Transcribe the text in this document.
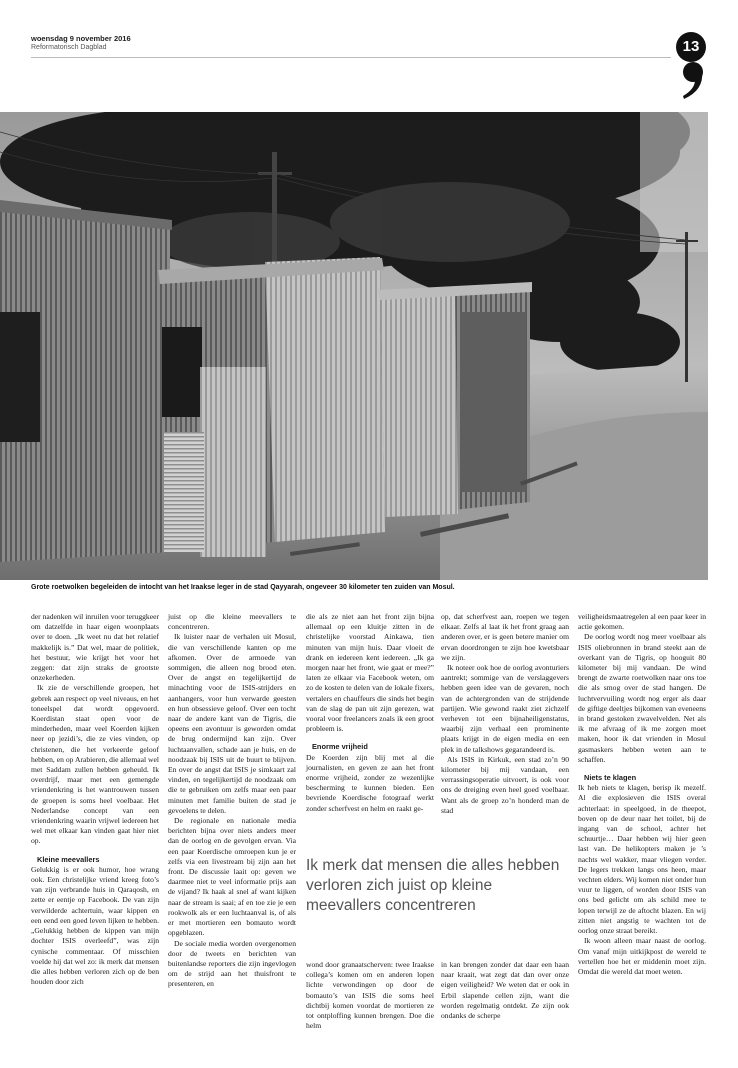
woensdag 9 november 2016
Reformatorisch Dagblad	13
Grote roetwolken begeleiden de intocht van het Iraakse leger in de stad Qayyarah, ongeveer 30 kilometer ten zuiden van Mosul.

der nadenken wil inruilen voor teruggkeer om datzelfde in haar eigen woonplaats over te doen. „Ik weet nu dat het relatief makkelijk is.” Dat wel, maar de politiek, het bestuur, wie krijgt het voor het zeggen: dat zijn straks de grootste onzekerheden.

Ik zie de verschillende groepen, het gebrek aan respect op veel niveaus, en het toneelspel dat wordt opgevoerd. Koerdistan staat open voor de minderheden, maar veel Koerden kijken neer op jezidi’s, die ze vies vinden, op christenen, die het verkeerde geloof hebben, en op Arabieren, die allemaal wel met Saddam zullen hebben geheuld. Ik overdrijf, maar met een gemengde vriendenkring is het wantrouwen tussen de groepen is soms heel voelbaar. Het Nederlandse concept van een vriendenkring waarin vrijwel iedereen het wel met elkaar kan vinden gaat hier niet op.

Kleine meevallers

Gelukkig is er ook humor, hoe wrang ook. Een christelijke vriend kreeg foto’s van zijn verbrande huis in Qaraqosh, en zette er eentje op Facebook. De van zijn verwilderde achtertuin, waar kippen en een eend een goed leven lijken te hebben. „Gelukkig hebben de kippen van mijn dochter ISIS overleefd”, was zijn cynische commentaar. Of misschien voelde hij dat wel zo: ik merk dat mensen die alles hebben verloren zich op de ben houden door zich

juist op die kleine meevallers te concentreren.

Ik luister naar de verhalen uit Mosul, die van verschillende kanten op me afkomen. Over de armoede van sommigen, die alleen nog brood eten. Over de angst en tegelijkertijd de minachting voor de ISIS-strijders en aanhangers, voor hun verwarde geesten en hun obsessieve geloof. Over een tocht naar de andere kant van de Tigris, die opeens een avontuur is geworden omdat de brug ondermijnd kan zijn. Over luchtaanvallen, schade aan je huis, en de noodzaak bij ISIS uit de buurt te blijven. En over de angst dat ISIS je simkaart zal vinden, en tegelijkertijd de noodzaak om die te gebruiken om zelfs maar een paar minuten met familie buiten de stad je gevoelens te delen.

De regionale en nationale media berichten bijna over niets anders meer dan de oorlog en de gevolgen ervan. Via een paar Koerdische omroepen kun je er zelfs via een livestream bij zijn aan het front. De discussie laait op: geven we daarmee niet te veel informatie prijs aan de vijand? Ik haak al snel af want kijken naar de stream is saai; af en toe zie je een rookwolk als er een luchtaanval is, of als er met mortieren een bomauto wordt opgeblazen.

De sociale media worden overgenomen door de tweets en berichten van buitenlandse reporters die zijn ingevlogen om de strijd aan het thuisfront te presenteren, en

die als ze niet aan het front zijn bijna allemaal op een kluitje zitten in de christelijke voorstad Ainkawa, tien minuten van mijn huis. Daar vloeit de drank en iedereen kent iedereen. „Ik ga morgen naar het front, wie gaat er mee?” laten ze elkaar via Facebook weten, om zo de kosten te delen van de lokale fixers, vertalers en chauffeurs die sinds het begin van de slag de pan uit zijn gerezen, wat vooral voor freelancers zoals ik een groot probleem is.

Enorme vrijheid

De Koerden zijn blij met al die journalisten, en geven ze aan het front enorme vrijheid, zonder ze wezenlijke bescherming te kunnen bieden. Een bevriende Koerdische fotograaf werkt zonder scherfvest en helm en raakt ge-

op, dat scherfvest aan, roepen we tegen elkaar. Zelfs al laat ik het front graag aan anderen over, er is geen betere manier om ervan doordrongen te zijn hoe kwetsbaar we zijn.

Ik noteer ook hoe de oorlog avonturiers aantrekt; sommige van de verslaggevers hebben geen idee van de gevaren, noch van de achtergronden van de strijdende partijen. Wie gewond raakt ziet zichzelf verheven tot een bijnaheiligenstatus, waarbij zijn verhaal een prominente plaats krijgt in de eigen media en een plek in de talkshows gegarandeerd is.

Als ISIS in Kirkuk, een stad zo’n 90 kilometer bij mij vandaan, een verrassingsoperatie uitvoert, is ook voor ons de dreiging even heel goed voelbaar. Want als de groep zo’n honderd man de stad

Ik merk dat mensen die alles hebben verloren zich juist op kleine meevallers concentreren

wond door granaatscherven: twee Iraakse collega’s komen om en anderen lopen lichte verwondingen op door de bomauto’s van ISIS die soms heel dichtbij komen voordat de mortieren ze tot ontploffing kunnen brengen. Doe die helm

in kan brengen zonder dat daar een haan naar kraait, wat zegt dat dan over onze eigen veiligheid? We weten dat er ook in Erbil slapende cellen zijn, want die worden regelmatig ontdekt. Ze zijn ook ondanks de scherpe

veiligheidsmaatregelen al een paar keer in actie gekomen.

De oorlog wordt nog meer voelbaar als ISIS oliebronnen in brand steekt aan de overkant van de Tigris, op hooguit 80 kilometer bij mij vandaan. De wind brengt de zwarte roetwolken naar ons toe die als smog over de stad hangen. De luchtvervuiling wordt nog erger als daar de giftige deeltjes bijkomen van eveneens in brand gestoken zwavelvelden. Net als ik me afvraag of ik me zorgen moet maken, hoor ik dat vrienden in Mosul gasmaskers hebben weten aan te schaffen.

Niets te klagen

Ik heb niets te klagen, berisp ik mezelf. Al die explosieven die ISIS overal achterlaat: in speelgoed, in de theepot, boven op de deur naar het toilet, bij de ingang van de school, achter het schuurtje… Daar hebben wij hier geen last van. De helikopters maken je ’s nachts wel wakker, maar vliegen verder. De legers trekken langs ons heen, maar vechten elders. Wij komen niet onder hun vuur te liggen, of worden door ISIS van ons bed gelicht om als schild mee te lopen terwijl ze de aftocht blazen. En wij zitten niet angstig te wachten tot de oorlog onze straat bereikt.

Ik woon alleen maar naast de oorlog. Om vanaf mijn uitkijkpost de wereld te vertellen hoe het er middenin moet zijn. Omdat die wereld dat moet weten.
